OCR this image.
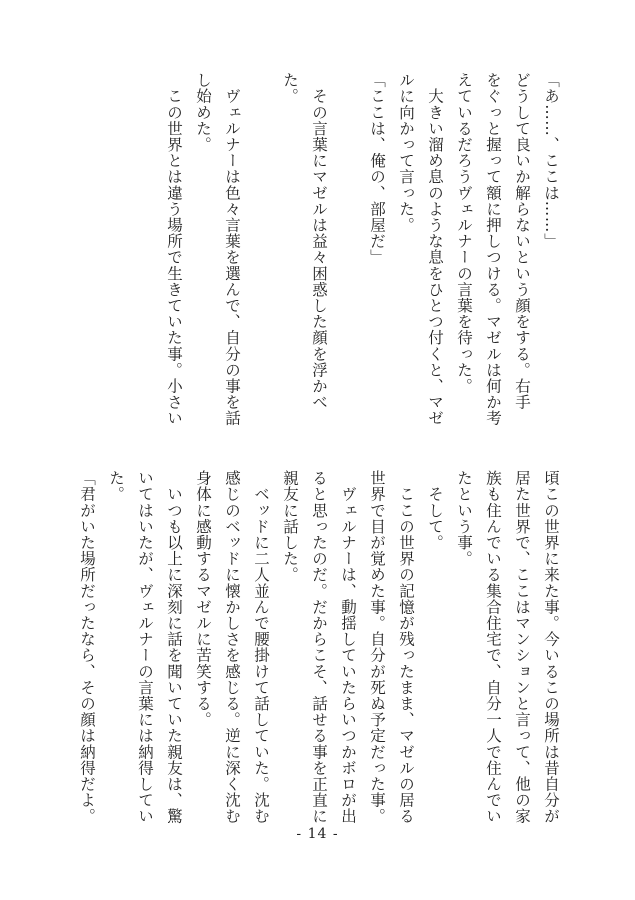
「あ……、ここは……」
どうして良いか解らないという顔をする。右手
をぐっと握って額に押しつける。マゼルは何か考
えているだろうヴェルナーの言葉を待った。
　大きい溜め息のような息をひとつ付くと、マゼ
ルに向かって言った。
「ここは、俺の、部屋だ」

　その言葉にマゼルは益々困惑した顔を浮かべ
た。

　ヴェルナーは色々言葉を選んで、自分の事を話
し始めた。
　この世界とは違う場所で生きていた事。小さい
頃この世界に来た事。今いるこの場所は昔自分が
居た世界で、ここはマンションと言って、他の家
族も住んでいる集合住宅で、自分一人で住んでい
たという事。
　そして。
　ここの世界の記憶が残ったまま、マゼルの居る
世界で目が覚めた事。自分が死ぬ予定だった事。
　ヴェルナーは、動揺していたらいつかボロが出
ると思ったのだ。だからこそ、話せる事を正直に
親友に話した。
　ベッドに二人並んで腰掛けて話していた。沈む
感じのベッドに懐かしさを感じる。逆に深く沈む
身体に感動するマゼルに苦笑する。
　いつも以上に深刻に話を聞いていた親友は、驚
いてはいたが、ヴェルナーの言葉には納得してい
た。
「君がいた場所だったなら、その顔は納得だよ。
- 14 -
